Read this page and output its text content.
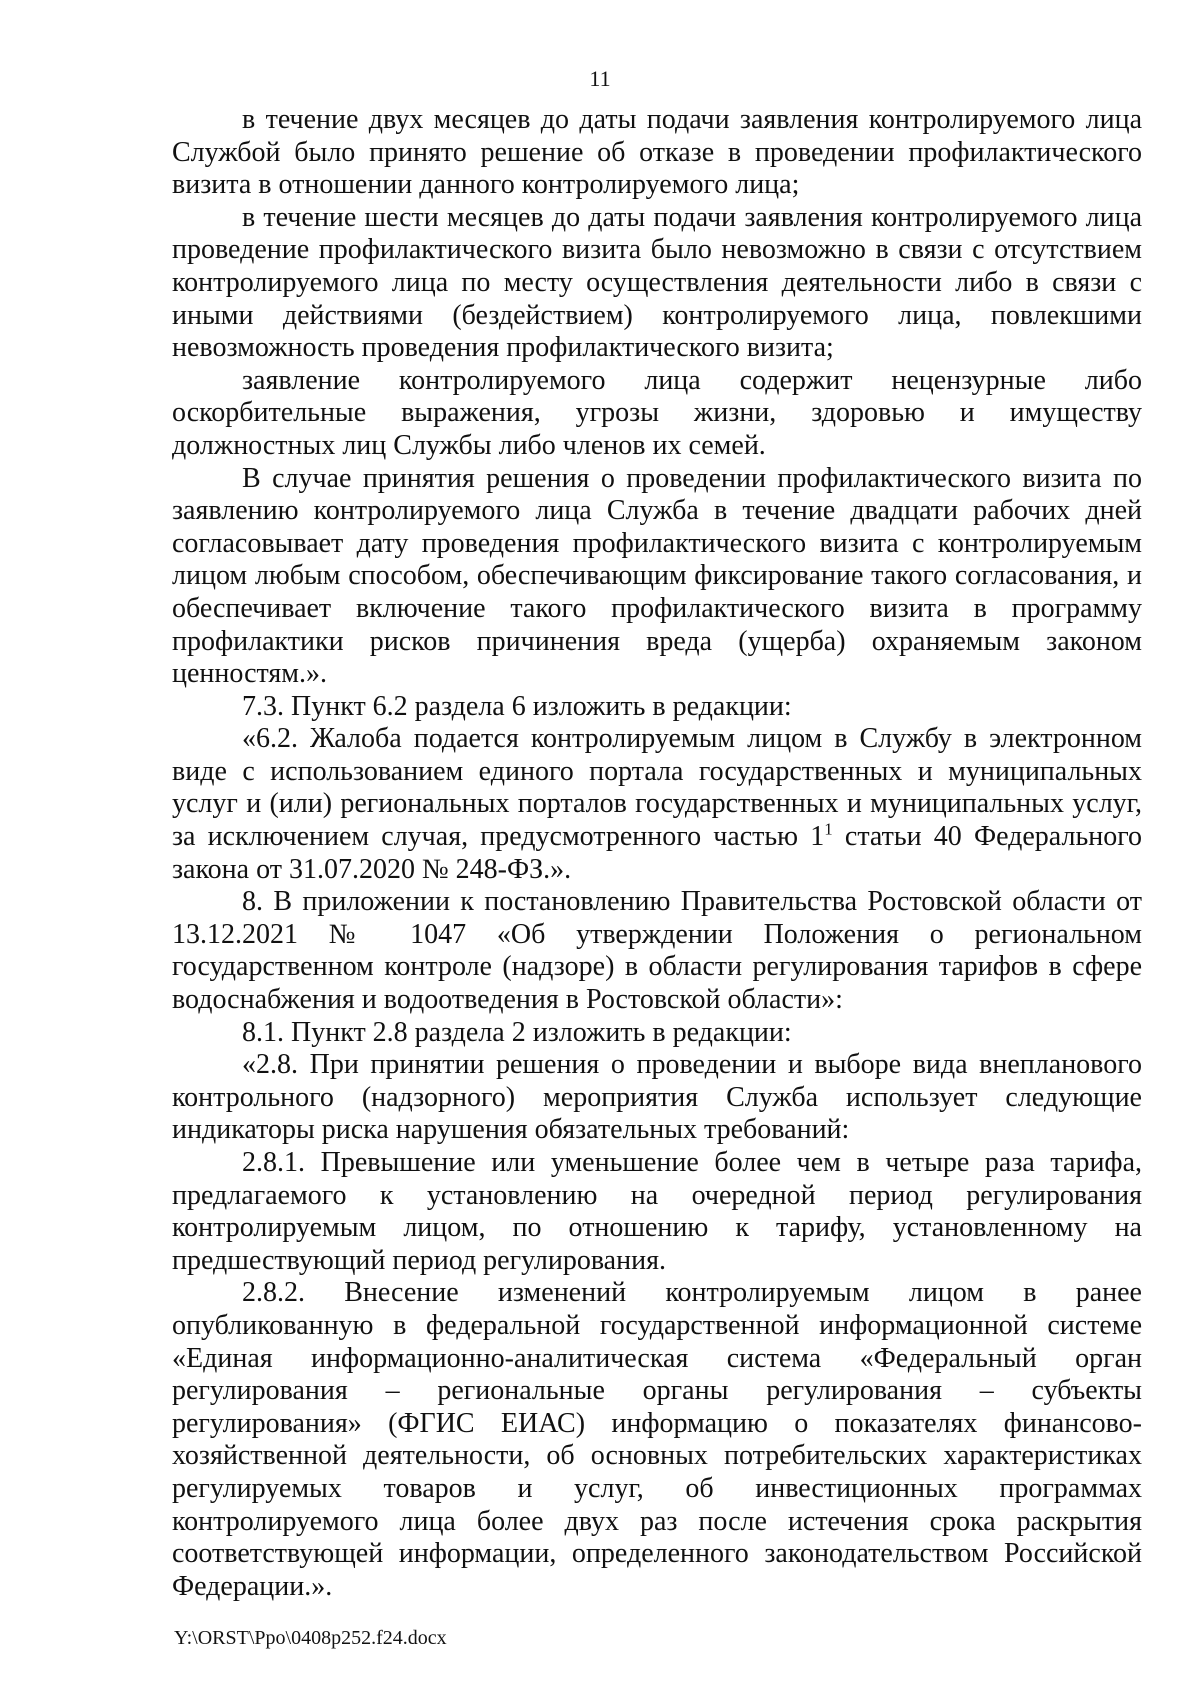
11

в течение двух месяцев до даты подачи заявления контролируемого лица Службой было принято решение об отказе в проведении профилактического визита в отношении данного контролируемого лица;

в течение шести месяцев до даты подачи заявления контролируемого лица проведение профилактического визита было невозможно в связи с отсутствием контролируемого лица по месту осуществления деятельности либо в связи с иными действиями (бездействием) контролируемого лица, повлекшими невозможность проведения профилактического визита;

заявление контролируемого лица содержит нецензурные либо оскорбительные выражения, угрозы жизни, здоровью и имуществу должностных лиц Службы либо членов их семей.

В случае принятия решения о проведении профилактического визита по заявлению контролируемого лица Служба в течение двадцати рабочих дней согласовывает дату проведения профилактического визита с контролируемым лицом любым способом, обеспечивающим фиксирование такого согласования, и обеспечивает включение такого профилактического визита в программу профилактики рисков причинения вреда (ущерба) охраняемым законом ценностям.».

7.3. Пункт 6.2 раздела 6 изложить в редакции:

«6.2. Жалоба подается контролируемым лицом в Службу в электронном виде с использованием единого портала государственных и муниципальных услуг и (или) региональных порталов государственных и муниципальных услуг, за исключением случая, предусмотренного частью $1^1$ статьи 40 Федерального закона от 31.07.2020 № 248-ФЗ.».

8. В приложении к постановлению Правительства Ростовской области от 13.12.2021 № 1047 «Об утверждении Положения о региональном государственном контроле (надзоре) в области регулирования тарифов в сфере водоснабжения и водоотведения в Ростовской области»:

8.1. Пункт 2.8 раздела 2 изложить в редакции:

«2.8. При принятии решения о проведении и выборе вида внепланового контрольного (надзорного) мероприятия Служба использует следующие индикаторы риска нарушения обязательных требований:

2.8.1. Превышение или уменьшение более чем в четыре раза тарифа, предлагаемого к установлению на очередной период регулирования контролируемым лицом, по отношению к тарифу, установленному на предшествующий период регулирования.

2.8.2. Внесение изменений контролируемым лицом в ранее опубликованную в федеральной государственной информационной системе «Единая информационно-аналитическая система «Федеральный орган регулирования – региональные органы регулирования – субъекты регулирования» (ФГИС ЕИАС) информацию о показателях финансово-хозяйственной деятельности, об основных потребительских характеристиках регулируемых товаров и услуг, об инвестиционных программах контролируемого лица более двух раз после истечения срока раскрытия соответствующей информации, определенного законодательством Российской Федерации.».

Y:\ORST\Ppo\0408p252.f24.docx
